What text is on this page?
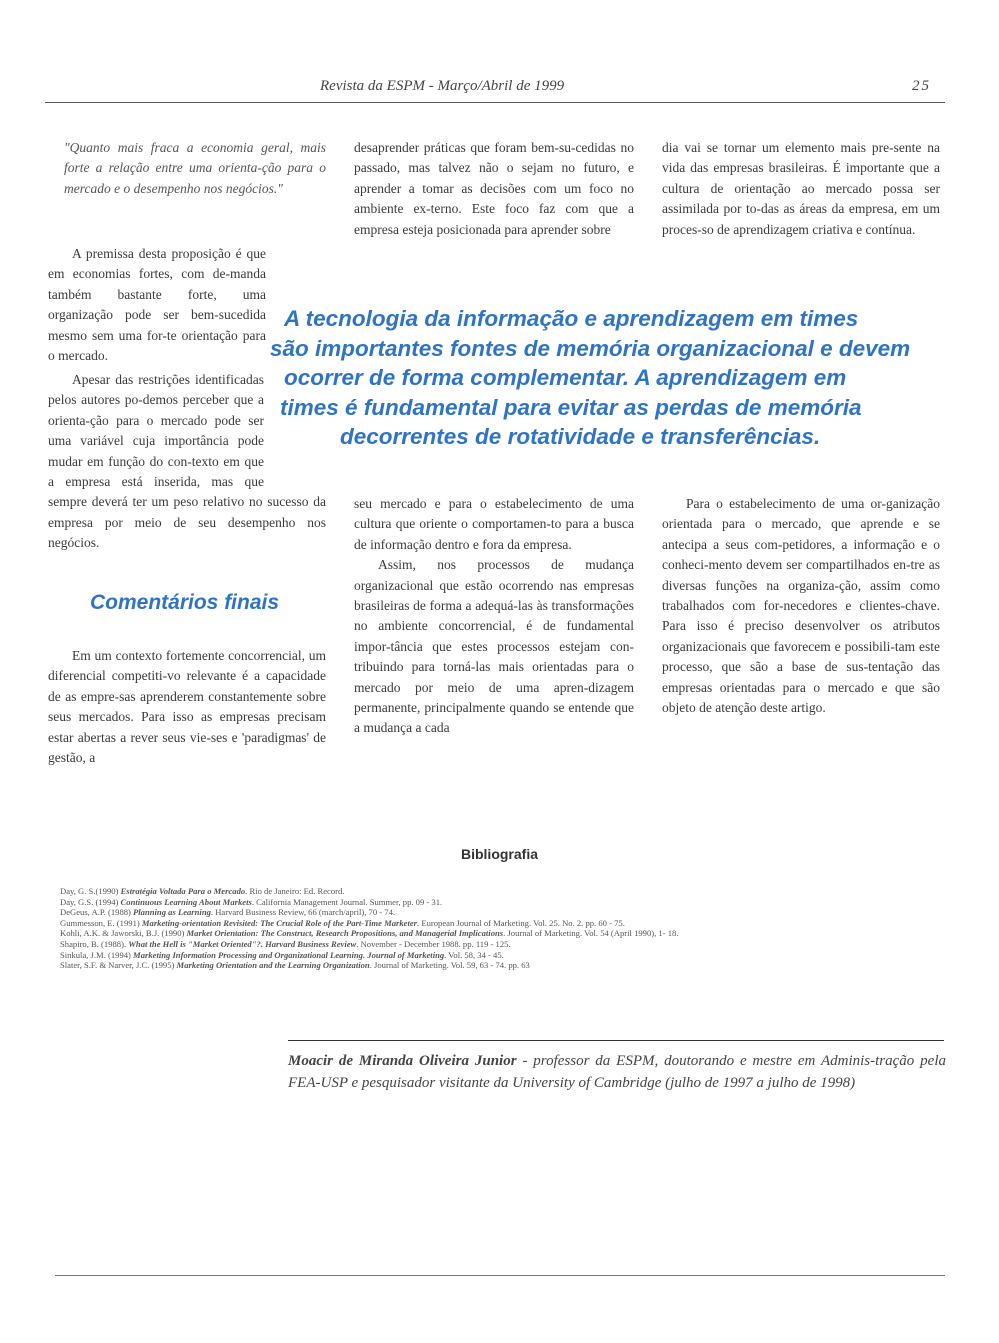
Revista da ESPM - Março/Abril de 1999	25

"Quanto mais fraca a economia geral, mais forte a relação entre uma orienta-ção para o mercado e o desempenho nos negócios."

A premissa desta proposição é que em economias fortes, com de-manda também bastante forte, uma organização pode ser bem-sucedida mesmo sem uma for-te orientação para o mercado.

Apesar das restrições identificadas pelos autores po-demos perceber que a orienta-ção para o mercado pode ser uma variável cuja importância pode mudar em função do con-texto em que a empresa está inserida, mas que sempre deverá ter um peso relativo no sucesso da empresa por meio de seu desempenho nos negócios.

desaprender práticas que foram bem-su-cedidas no passado, mas talvez não o sejam no futuro, e aprender a tomar as decisões com um foco no ambiente ex-terno. Este foco faz com que a empresa esteja posicionada para aprender sobre

dia vai se tornar um elemento mais pre-sente na vida das empresas brasileiras. É importante que a cultura de orientação ao mercado possa ser assimilada por to-das as áreas da empresa, em um proces-so de aprendizagem criativa e contínua.

A tecnologia da informação e aprendizagem em times

são importantes fontes de memória organizacional e devem

ocorrer de forma complementar. A aprendizagem em

times é fundamental para evitar as perdas de memória

decorrentes de rotatividade e transferências.

Comentários finais

Em um contexto fortemente concorrencial, um diferencial competiti-vo relevante é a capacidade de as empre-sas aprenderem constantemente sobre seus mercados. Para isso as empresas precisam estar abertas a rever seus vie-ses e 'paradigmas' de gestão, a

seu mercado e para o estabelecimento de uma cultura que oriente o comportamen-to para a busca de informação dentro e fora da empresa.

Assim, nos processos de mudança organizacional que estão ocorrendo nas empresas brasileiras de forma a adequá-las às transformações no ambiente concorrencial, é de fundamental impor-tância que estes processos estejam con-tribuindo para torná-las mais orientadas para o mercado por meio de uma apren-dizagem permanente, principalmente quando se entende que a mudança a cada

Para o estabelecimento de uma or-ganização orientada para o mercado, que aprende e se antecipa a seus com-petidores, a informação e o conheci-mento devem ser compartilhados en-tre as diversas funções na organiza-ção, assim como trabalhados com for-necedores e clientes-chave. Para isso é preciso desenvolver os atributos organizacionais que favorecem e possibili-tam este processo, que são a base de sus-tentação das empresas orientadas para o mercado e que são objeto de atenção deste artigo.

Bibliografia
Day, G. S.(1990) Estratégia Voltada Para o Mercado. Rio de Janeiro: Ed. Record.
Day, G.S. (1994) Continuous Learning About Markets. California Management Journal. Summer, pp. 09 - 31.
DeGeus, A.P. (1988) Planning as Learning. Harvard Business Review, 66 (march/april), 70 - 74.
Gummesson, E. (1991) Marketing-orientation Revisited: The Crucial Role of the Part-Time Marketer. European Journal of Marketing. Vol. 25. No. 2. pp. 60 - 75.
Kohli, A.K. & Jaworski, B.J. (1990) Market Orientation: The Construct, Research Propositions, and Managerial Implications. Journal of Marketing. Vol. 54 (April 1990), 1- 18.
Shapiro, B. (1988). What the Hell is "Market Oriented"?. Harvard Business Review. November - December 1988. pp. 119 - 125.
Sinkula, J.M. (1994) Marketing Information Processing and Organizational Learning. Journal of Marketing. Vol. 58, 34 - 45.
Slater, S.F. & Narver, J.C. (1995) Marketing Orientation and the Learning Organization. Journal of Marketing. Vol. 59, 63 - 74. pp. 63

Moacir de Miranda Oliveira Junior - professor da ESPM, doutorando e mestre em Adminis-tração pela FEA-USP e pesquisador visitante da University of Cambridge (julho de 1997 a julho de 1998)
